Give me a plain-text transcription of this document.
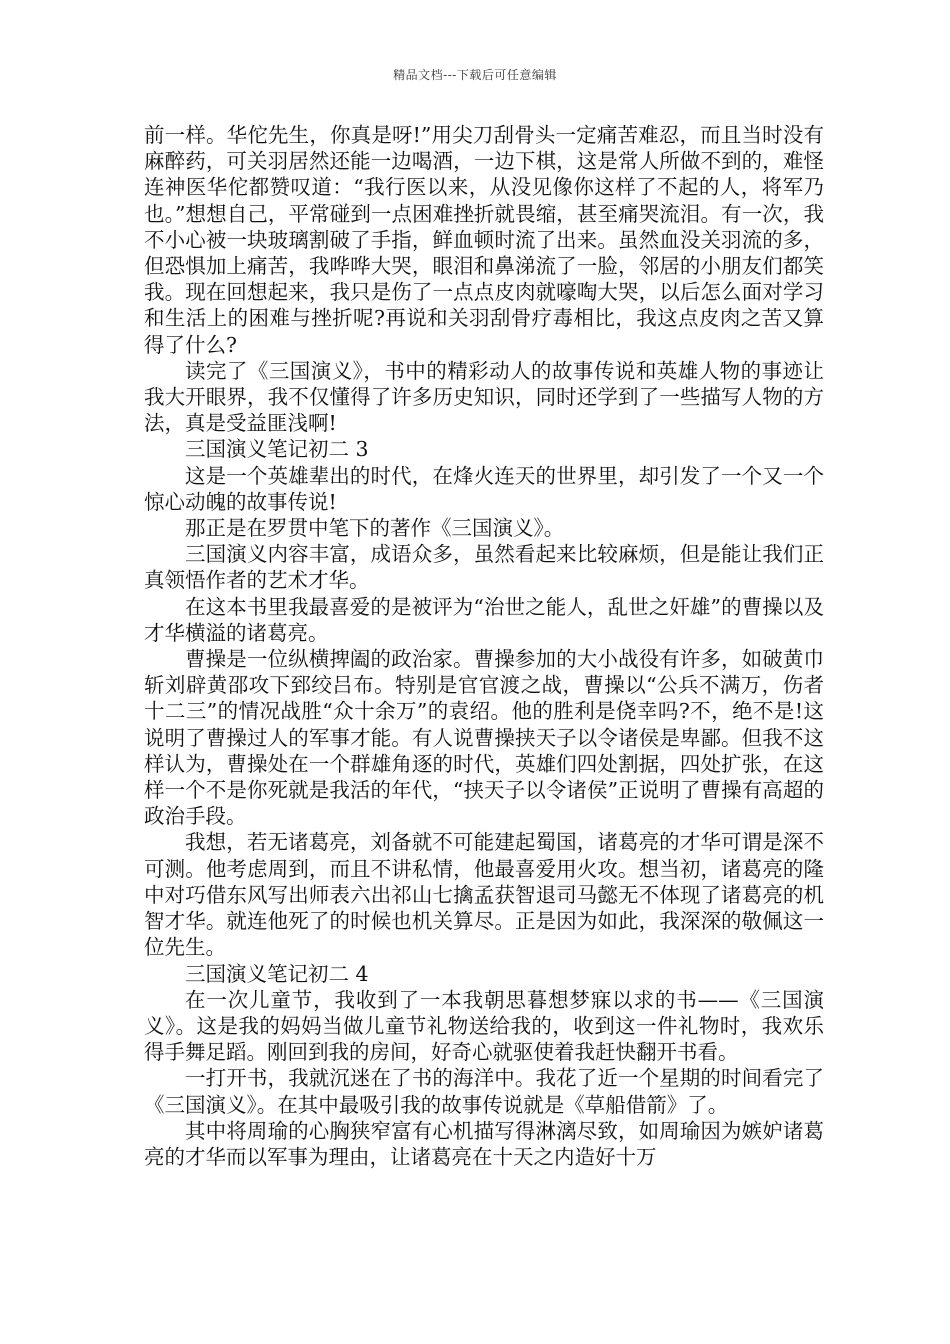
精品文档---下载后可任意编辑

前一样。华佗先生，你真是呀!”用尖刀刮骨头一定痛苦难忍，而且当时没有麻醉药，可关羽居然还能一边喝酒，一边下棋，这是常人所做不到的，难怪连神医华佗都赞叹道：“我行医以来，从没见像你这样了不起的人，将军乃也。”想想自己，平常碰到一点困难挫折就畏缩，甚至痛哭流泪。有一次，我不小心被一块玻璃割破了手指，鲜血顿时流了出来。虽然血没关羽流的多，但恐惧加上痛苦，我哗哗大哭，眼泪和鼻涕流了一脸，邻居的小朋友们都笑我。现在回想起来，我只是伤了一点点皮肉就嚎啕大哭，以后怎么面对学习和生活上的困难与挫折呢?再说和关羽刮骨疗毒相比，我这点皮肉之苦又算得了什么?

读完了《三国演义》，书中的精彩动人的故事传说和英雄人物的事迹让我大开眼界，我不仅懂得了许多历史知识，同时还学到了一些描写人物的方法，真是受益匪浅啊!

三国演义笔记初二 3

这是一个英雄辈出的时代，在烽火连天的世界里，却引发了一个又一个惊心动魄的故事传说!

那正是在罗贯中笔下的著作《三国演义》。

三国演义内容丰富，成语众多，虽然看起来比较麻烦，但是能让我们正真领悟作者的艺术才华。

在这本书里我最喜爱的是被评为“治世之能人，乱世之奸雄”的曹操以及才华横溢的诸葛亮。

曹操是一位纵横捭阖的政治家。曹操参加的大小战役有许多，如破黄巾斩刘辟黄邵攻下郅绞吕布。特别是官官渡之战，曹操以“公兵不满万，伤者十二三”的情况战胜“众十余万”的袁绍。他的胜利是侥幸吗?不，绝不是!这说明了曹操过人的军事才能。有人说曹操挟天子以令诸侯是卑鄙。但我不这样认为，曹操处在一个群雄角逐的时代，英雄们四处割据，四处扩张，在这样一个不是你死就是我活的年代，“挟天子以令诸侯”正说明了曹操有高超的政治手段。

我想，若无诸葛亮，刘备就不可能建起蜀国，诸葛亮的才华可谓是深不可测。他考虑周到，而且不讲私情，他最喜爱用火攻。想当初，诸葛亮的隆中对巧借东风写出师表六出祁山七擒孟获智退司马懿无不体现了诸葛亮的机智才华。就连他死了的时候也机关算尽。正是因为如此，我深深的敬佩这一位先生。

三国演义笔记初二 4

在一次儿童节，我收到了一本我朝思暮想梦寐以求的书——《三国演义》。这是我的妈妈当做儿童节礼物送给我的，收到这一件礼物时，我欢乐得手舞足蹈。刚回到我的房间，好奇心就驱使着我赶快翻开书看。

一打开书，我就沉迷在了书的海洋中。我花了近一个星期的时间看完了《三国演义》。在其中最吸引我的故事传说就是《草船借箭》了。

其中将周瑜的心胸狭窄富有心机描写得淋漓尽致，如周瑜因为嫉妒诸葛亮的才华而以军事为理由，让诸葛亮在十天之内造好十万
